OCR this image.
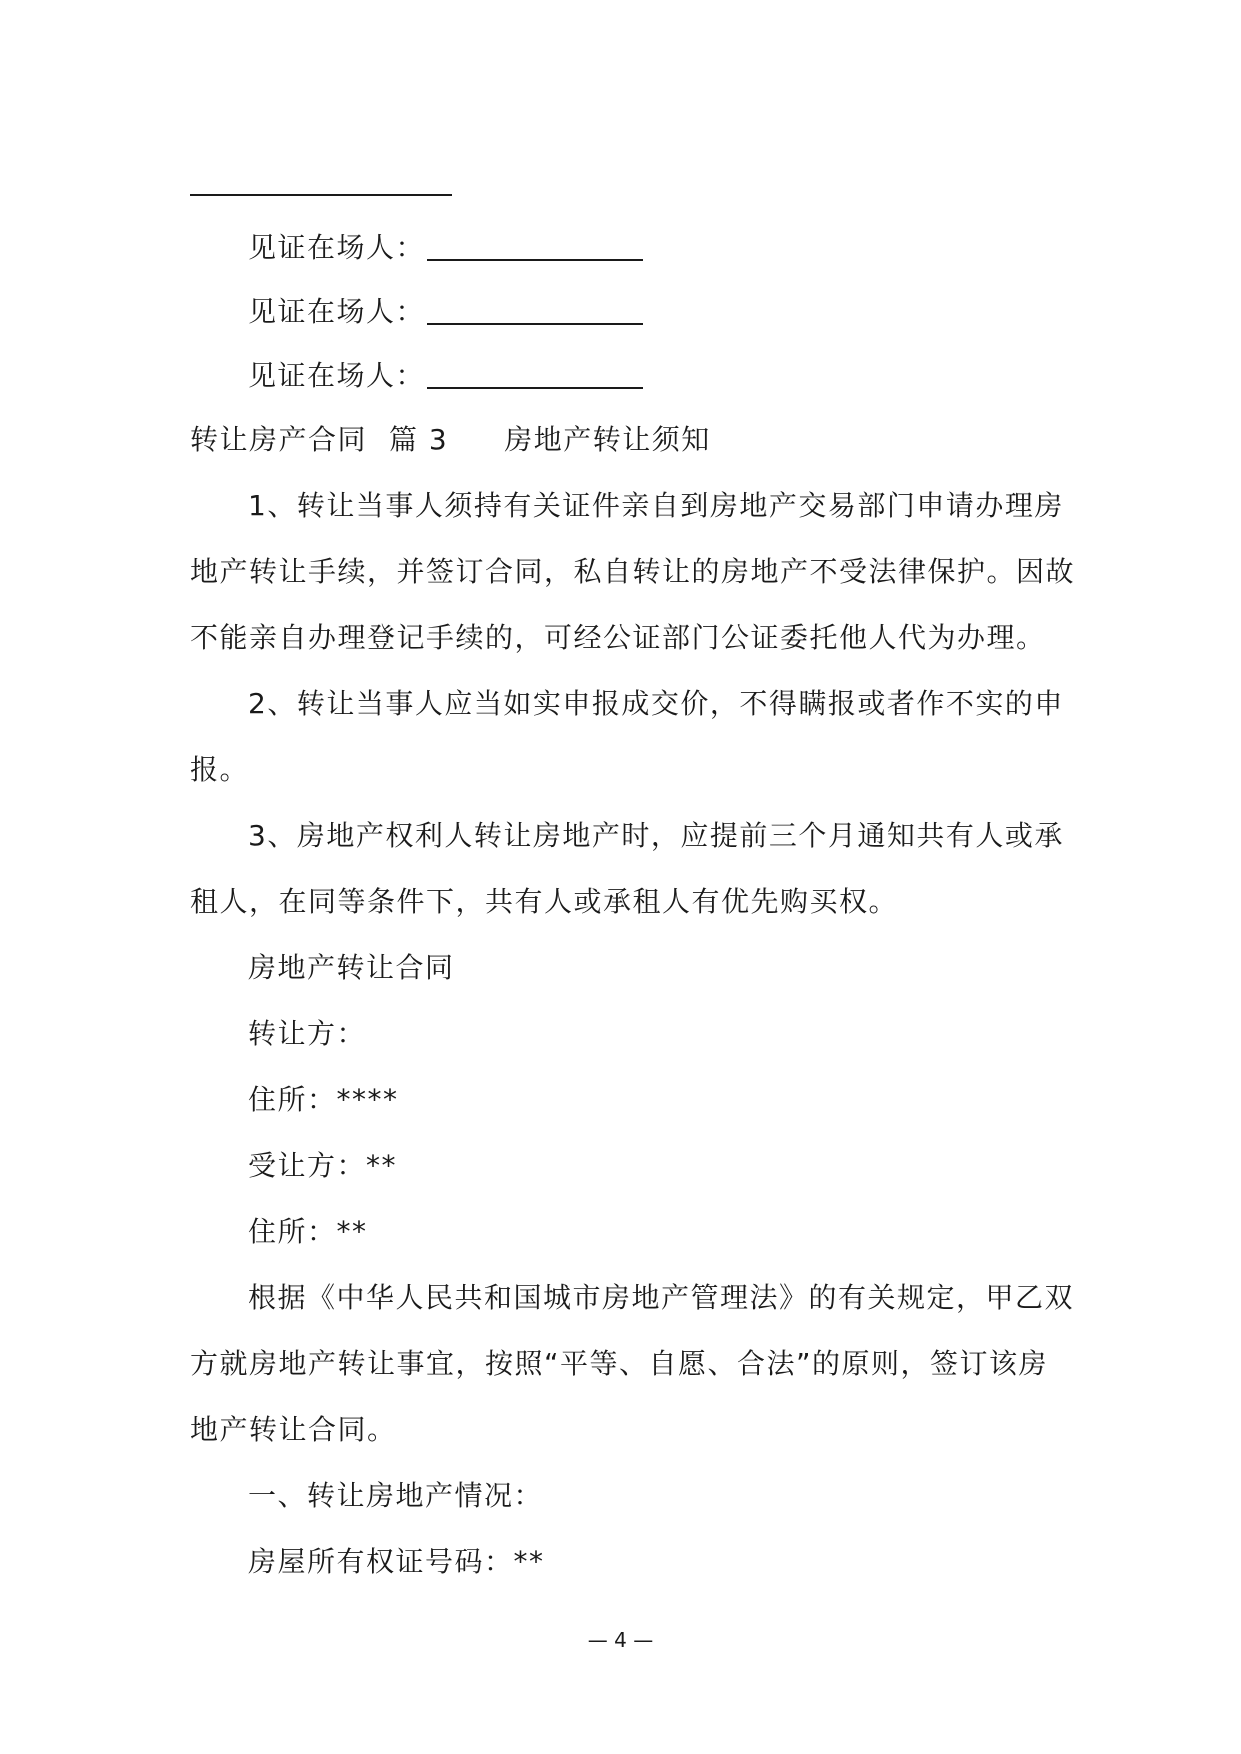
见证在场人：
见证在场人：
见证在场人：
转让房产合同 篇 3 房地产转让须知
1、转让当事人须持有关证件亲自到房地产交易部门申请办理房
地产转让手续，并签订合同，私自转让的房地产不受法律保护。因故
不能亲自办理登记手续的，可经公证部门公证委托他人代为办理。
2、转让当事人应当如实申报成交价，不得瞒报或者作不实的申
报。
3、房地产权利人转让房地产时，应提前三个月通知共有人或承
租人，在同等条件下，共有人或承租人有优先购买权。
房地产转让合同
转让方：
住所：****
受让方：**
住所：**
根据《中华人民共和国城市房地产管理法》的有关规定，甲乙双
方就房地产转让事宜，按照“平等、自愿、合法”的原则，签订该房
地产转让合同。
一、转让房地产情况：
房屋所有权证号码：**
— 4 —
